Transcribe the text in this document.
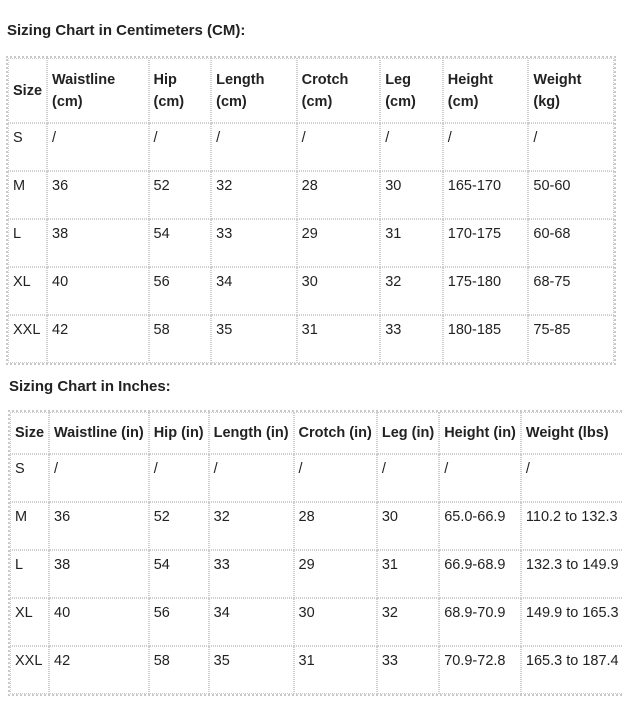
Sizing Chart in Centimeters (CM):
Size	Waistline (cm)	Hip (cm)	Length (cm)	Crotch (cm)	Leg (cm)	Height (cm)	Weight (kg)
S	/	/	/	/	/	/	/
M	36	52	32	28	30	165-170	50-60
L	38	54	33	29	31	170-175	60-68
XL	40	56	34	30	32	175-180	68-75
XXL	42	58	35	31	33	180-185	75-85
Sizing Chart in Inches:
Size	Waistline (in)	Hip (in)	Length (in)	Crotch (in)	Leg (in)	Height (in)	Weight (lbs)
S	/	/	/	/	/	/	/
M	36	52	32	28	30	65.0-66.9	110.2 to 132.3
L	38	54	33	29	31	66.9-68.9	132.3 to 149.9
XL	40	56	34	30	32	68.9-70.9	149.9 to 165.3
XXL	42	58	35	31	33	70.9-72.8	165.3 to 187.4
